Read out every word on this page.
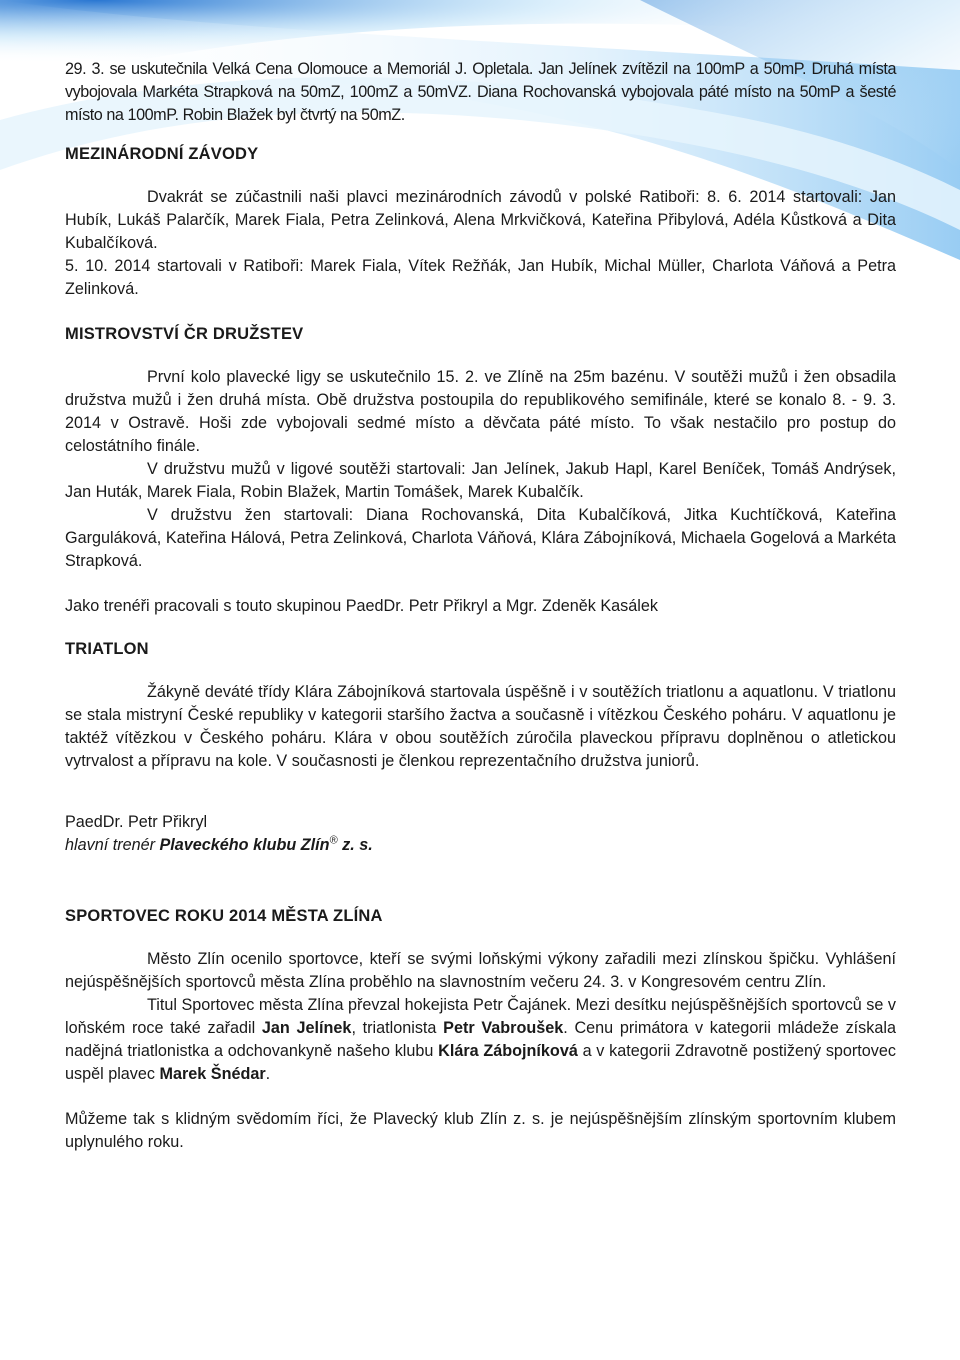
29. 3. se uskutečnila Velká Cena Olomouce a Memoriál J. Opletala. Jan Jelínek zvítězil na 100mP a 50mP. Druhá místa vybojovala Markéta Strapková na 50mZ, 100mZ a 50mVZ. Diana Rochovanská vybojovala páté místo na 50mP a šesté místo na 100mP. Robin Blažek byl čtvrtý na 50mZ.

MEZINÁRODNÍ ZÁVODY

Dvakrát se zúčastnili naši plavci mezinárodních závodů v polské Ratiboři: 8. 6. 2014 startovali: Jan Hubík, Lukáš Palarčík, Marek Fiala, Petra Zelinková, Alena Mrkvičková, Kateřina Přibylová, Adéla Kůstková a Dita Kubalčíková.

5. 10. 2014 startovali v Ratiboři: Marek Fiala, Vítek Režňák, Jan Hubík, Michal Müller, Charlota Váňová a Petra Zelinková.

MISTROVSTVÍ ČR DRUŽSTEV

První kolo plavecké ligy se uskutečnilo 15. 2. ve Zlíně na 25m bazénu. V soutěži mužů i žen obsadila družstva mužů i žen druhá místa. Obě družstva postoupila do republikového semifinále, které se konalo 8. - 9. 3. 2014 v Ostravě. Hoši zde vybojovali sedmé místo a děvčata páté místo. To však nestačilo pro postup do celostátního finále.

V družstvu mužů v ligové soutěži startovali: Jan Jelínek, Jakub Hapl, Karel Beníček, Tomáš Andrýsek, Jan Huták, Marek Fiala, Robin Blažek, Martin Tomášek, Marek Kubalčík.

V družstvu žen startovali: Diana Rochovanská, Dita Kubalčíková, Jitka Kuchtíčková, Kateřina Garguláková, Kateřina Hálová, Petra Zelinková, Charlota Váňová, Klára Zábojníková, Michaela Gogelová a Markéta Strapková.

Jako trenéři pracovali s touto skupinou PaedDr. Petr Přikryl a Mgr. Zdeněk Kasálek

TRIATLON

Žákyně deváté třídy Klára Zábojníková startovala úspěšně i v soutěžích triatlonu a aquatlonu. V triatlonu se stala mistryní České republiky v kategorii staršího žactva a současně i vítězkou Českého poháru. V aquatlonu je taktéž vítězkou v Českého poháru. Klára v obou soutěžích zúročila plaveckou přípravu doplněnou o atletickou vytrvalost a přípravu na kole. V současnosti je členkou reprezentačního družstva juniorů.

PaedDr. Petr Přikryl
hlavní trenér Plaveckého klubu Zlín® z. s.
SPORTOVEC ROKU 2014 MĚSTA ZLÍNA

Město Zlín ocenilo sportovce, kteří se svými loňskými výkony zařadili mezi zlínskou špičku. Vyhlášení nejúspěšnějších sportovců města Zlína proběhlo na slavnostním večeru 24. 3. v Kongresovém centru Zlín.

Titul Sportovec města Zlína převzal hokejista Petr Čajánek. Mezi desítku nejúspěšnějších sportovců se v loňském roce také zařadil Jan Jelínek, triatlonista Petr Vabroušek. Cenu primátora v kategorii mládeže získala nadějná triatlonistka a odchovankyně našeho klubu Klára Zábojníková a v kategorii Zdravotně postižený sportovec uspěl plavec Marek Šnédar.

Můžeme tak s klidným svědomím říci, že Plavecký klub Zlín z. s. je nejúspěšnějším zlínským sportovním klubem uplynulého roku.
